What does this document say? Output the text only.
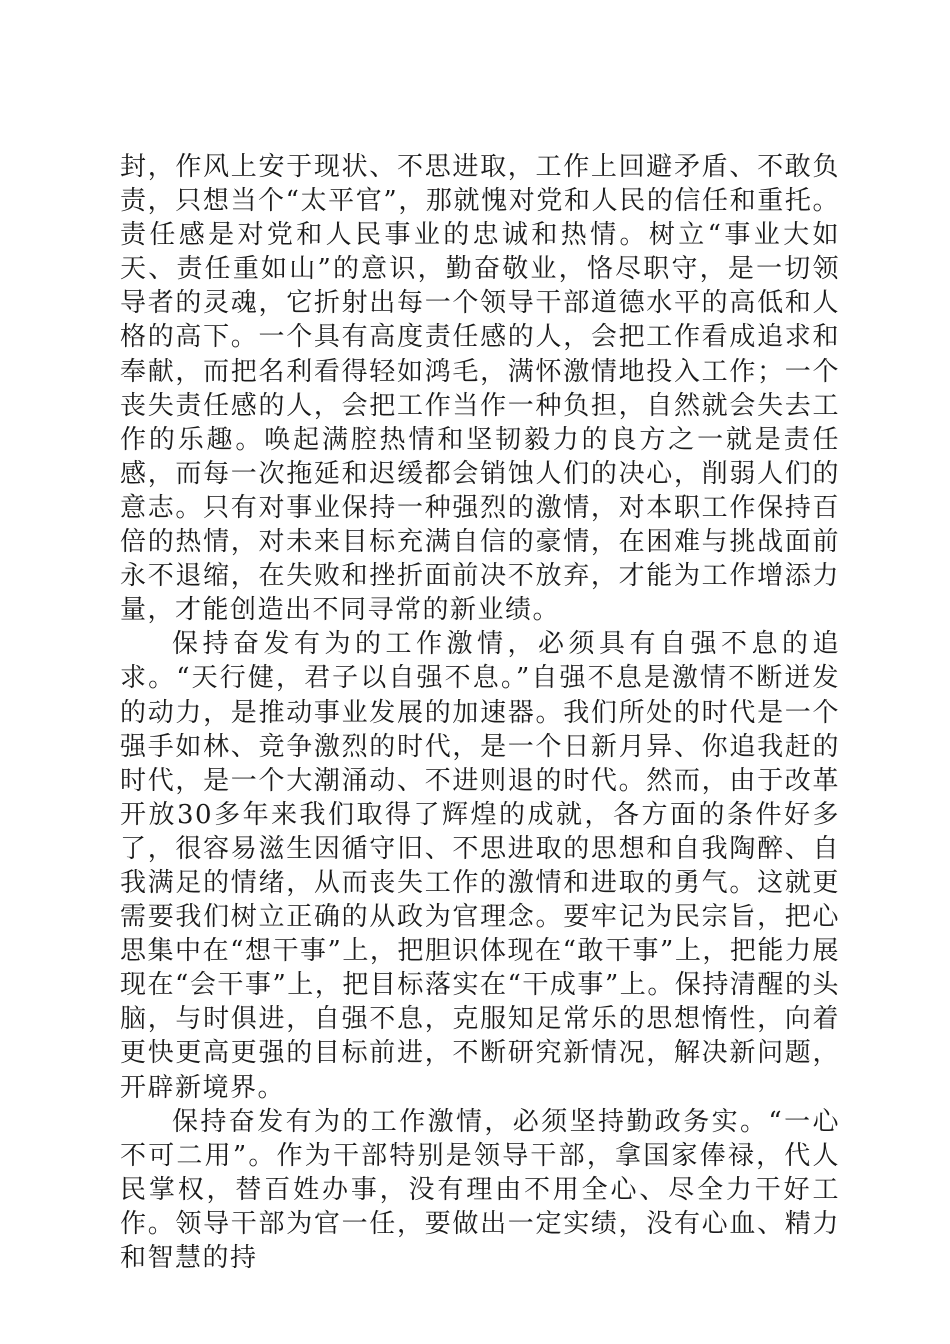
封，作风上安于现状、不思进取，工作上回避矛盾、不敢负责，只想当个“太平官”，那就愧对党和人民的信任和重托。责任感是对党和人民事业的忠诚和热情。树立“事业大如天、责任重如山”的意识，勤奋敬业，恪尽职守，是一切领导者的灵魂，它折射出每一个领导干部道德水平的高低和人格的高下。一个具有高度责任感的人，会把工作看成追求和奉献，而把名利看得轻如鸿毛，满怀激情地投入工作；一个丧失责任感的人，会把工作当作一种负担，自然就会失去工作的乐趣。唤起满腔热情和坚韧毅力的良方之一就是责任感，而每一次拖延和迟缓都会销蚀人们的决心，削弱人们的意志。只有对事业保持一种强烈的激情，对本职工作保持百倍的热情，对未来目标充满自信的豪情，在困难与挑战面前永不退缩，在失败和挫折面前决不放弃，才能为工作增添力量，才能创造出不同寻常的新业绩。

保持奋发有为的工作激情，必须具有自强不息的追求。“天行健，君子以自强不息。”自强不息是激情不断迸发的动力，是推动事业发展的加速器。我们所处的时代是一个强手如林、竞争激烈的时代，是一个日新月异、你追我赶的时代，是一个大潮涌动、不进则退的时代。然而，由于改革开放30多年来我们取得了辉煌的成就，各方面的条件好多了，很容易滋生因循守旧、不思进取的思想和自我陶醉、自我满足的情绪，从而丧失工作的激情和进取的勇气。这就更需要我们树立正确的从政为官理念。要牢记为民宗旨，把心思集中在“想干事”上，把胆识体现在“敢干事”上，把能力展现在“会干事”上，把目标落实在“干成事”上。保持清醒的头脑，与时俱进，自强不息，克服知足常乐的思想惰性，向着更快更高更强的目标前进，不断研究新情况，解决新问题，开辟新境界。

保持奋发有为的工作激情，必须坚持勤政务实。“一心不可二用”。作为干部特别是领导干部，拿国家俸禄，代人民掌权，替百姓办事，没有理由不用全心、尽全力干好工作。领导干部为官一任，要做出一定实绩，没有心血、精力和智慧的持
